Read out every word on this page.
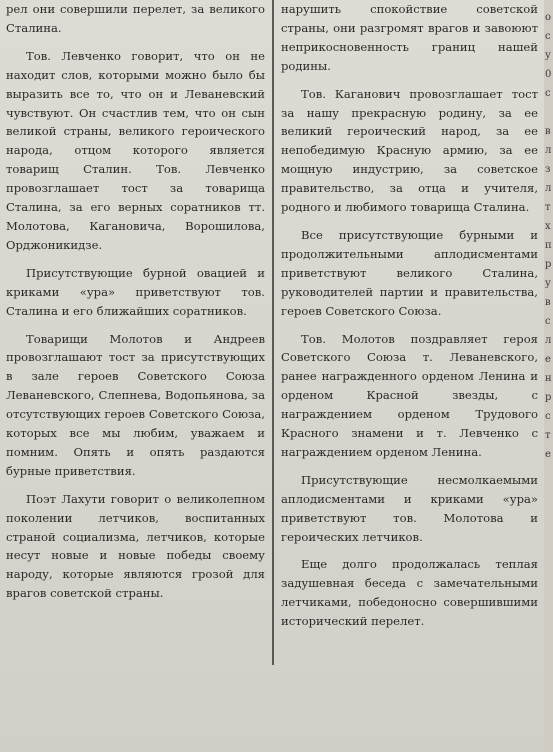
рел они совершили перелет, за великого Сталина.

Тов. Левченко говорит, что он не находит слов, которыми можно было бы выразить все то, что он и Леваневский чувствуют. Он счастлив тем, что он сын великой страны, великого героического народа, отцом которого является товарищ Сталин. Тов. Левченко провозглашает тост за товарища Сталина, за его верных соратников тт. Молотова, Кагановича, Ворошилова, Орджоникидзе.

Присутствующие бурной овацией и криками «ура» приветствуют тов. Сталина и его ближайших соратников.

Товарищи Молотов и Андреев провозглашают тост за присутствующих в зале героев Советского Союза Леваневского, Слепнева, Водопьянова, за отсутствующих героев Советского Союза, которых все мы любим, уважаем и помним. Опять и опять раздаются бурные приветствия.

Поэт Лахути говорит о великолепном поколении летчиков, воспитанных страной социализма, летчиков, которые несут новые и новые победы своему народу, которые являются грозой для врагов советской страны.

нарушить спокойствие советской страны, они разгромят врагов и завоюют неприкосновенность границ нашей родины.

Тов. Каганович провозглашает тост за нашу прекрасную родину, за ее великий героический народ, за ее непобедимую Красную армию, за ее мощную индустрию, за советское правительство, за отца и учителя, родного и любимого товарища Сталина.

Все присутствующие бурными и продолжительными аплодисментами приветствуют великого Сталина, руководителей партии и правительства, героев Советского Союза.

Тов. Молотов поздравляет героя Советского Союза т. Леваневского, ранее награжденного орденом Ленина и орденом Красной звезды, с награждением орденом Трудового Красного знамени и т. Левченко с награждением орденом Ленина.

Присутствующие несмолкаемыми аплодисментами и криками «ура» приветствуют тов. Молотова и героических летчиков.

Еще долго продолжалась теплая задушевная беседа с замечательными летчиками, победоносно совершившими исторический перелет.

о
с
у
0
с
в
л
з
л
т
х
п
р
у
в
с
л
е
н
р
с
т
е
